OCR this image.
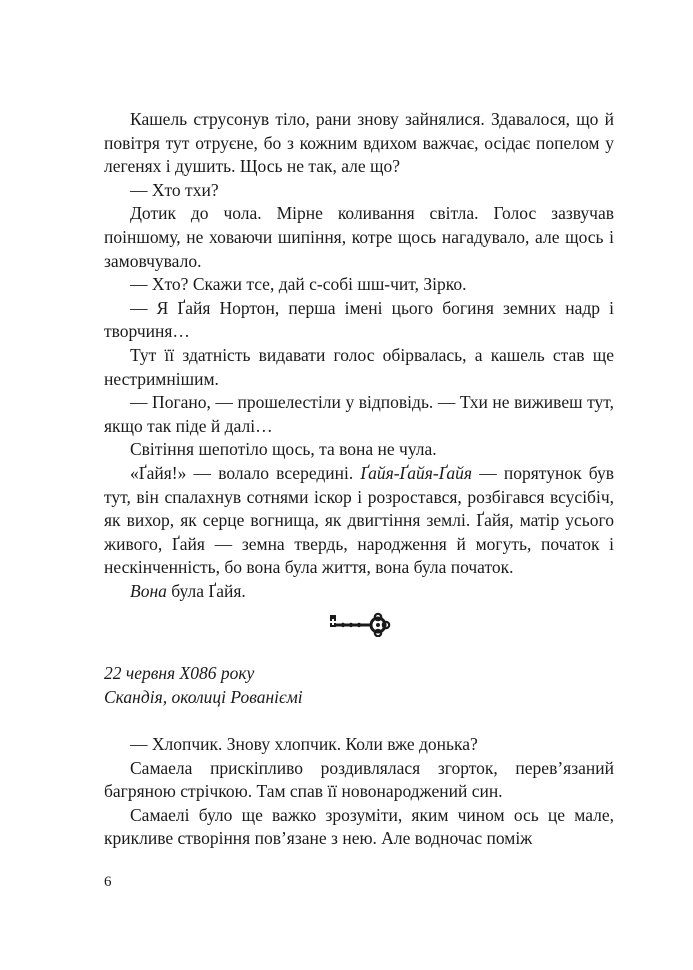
Кашель струсонув тіло, рани знову зайнялися. Здавалося, що й повітря тут отруєне, бо з кожним вдихом важчає, осідає попелом у легенях і душить. Щось не так, але що?

— Хто тхи?

Дотик до чола. Мірне коливання світла. Голос зазвучав поіншому, не ховаючи шипіння, котре щось нагадувало, але щось і замовчувало.

— Хто? Скажи тсе, дай с-собі шш-чит, Зірко.

— Я Ґайя Нортон, перша імені цього богиня земних надр і творчиня…

Тут її здатність видавати голос обірвалась, а кашель став ще нестримнішим.

— Погано, — прошелестіли у відповідь. — Тхи не виживеш тут, якщо так піде й далі…

Світіння шепотіло щось, та вона не чула.

«Ґайя!» — волало всередині. Ґайя-Ґайя-Ґайя — порятунок був тут, він спалахнув сотнями іскор і розростався, розбігався всусібіч, як вихор, як серце вогнища, як двигтіння землі. Ґайя, матір усього живого, Ґайя — земна твердь, народження й могуть, початок і нескінченність, бо вона була життя, вона була початок.

Вона була Ґайя.

22 червня Х086 року
Скандія, околиці Рованіємі

— Хлопчик. Знову хлопчик. Коли вже донька?

Самаела прискіпливо роздивлялася згорток, перев’язаний багряною стрічкою. Там спав її новонароджений син.

Самаелі було ще важко зрозуміти, яким чином ось це мале, крикливе створіння пов’язане з нею. Але водночас поміж

6
